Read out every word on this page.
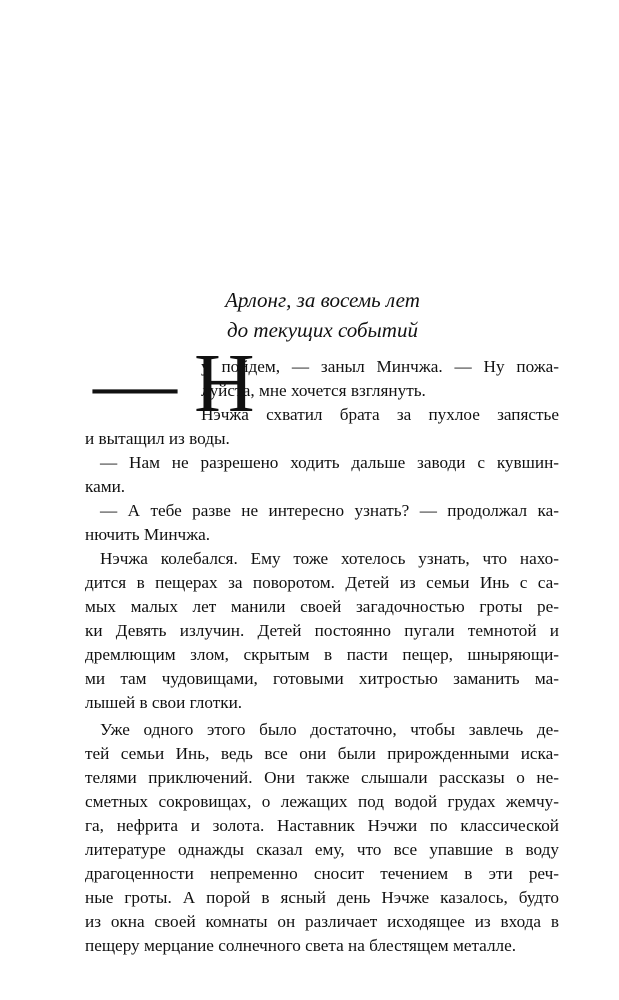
Арлонг, за восемь лет
до текущих событий
— Н
у пойдем, — заныл Минчжа. — Ну пожа-
луйста, мне хочется взглянуть.
Нэчжа схватил брата за пухлое запястье
и вытащил из воды.
— Нам не разрешено ходить дальше заводи с кувшин-
ками.
— А тебе разве не интересно узнать? — продолжал ка-
нючить Минчжа.
Нэчжа колебался. Ему тоже хотелось узнать, что нахо-
дится в пещерах за поворотом. Детей из семьи Инь с са-
мых малых лет манили своей загадочностью гроты ре-
ки Девять излучин. Детей постоянно пугали темнотой и
дремлющим злом, скрытым в пасти пещер, шныряющи-
ми там чудовищами, готовыми хитростью заманить ма-
лышей в свои глотки.
Уже одного этого было достаточно, чтобы завлечь де-
тей семьи Инь, ведь все они были прирожденными иска-
телями приключений. Они также слышали рассказы о не-
сметных сокровищах, о лежащих под водой грудах жемчу-
га, нефрита и золота. Наставник Нэчжи по классической
литературе однажды сказал ему, что все упавшие в воду
драгоценности непременно сносит течением в эти реч-
ные гроты. А порой в ясный день Нэчже казалось, будто
из окна своей комнаты он различает исходящее из входа в
пещеру мерцание солнечного света на блестящем металле.
